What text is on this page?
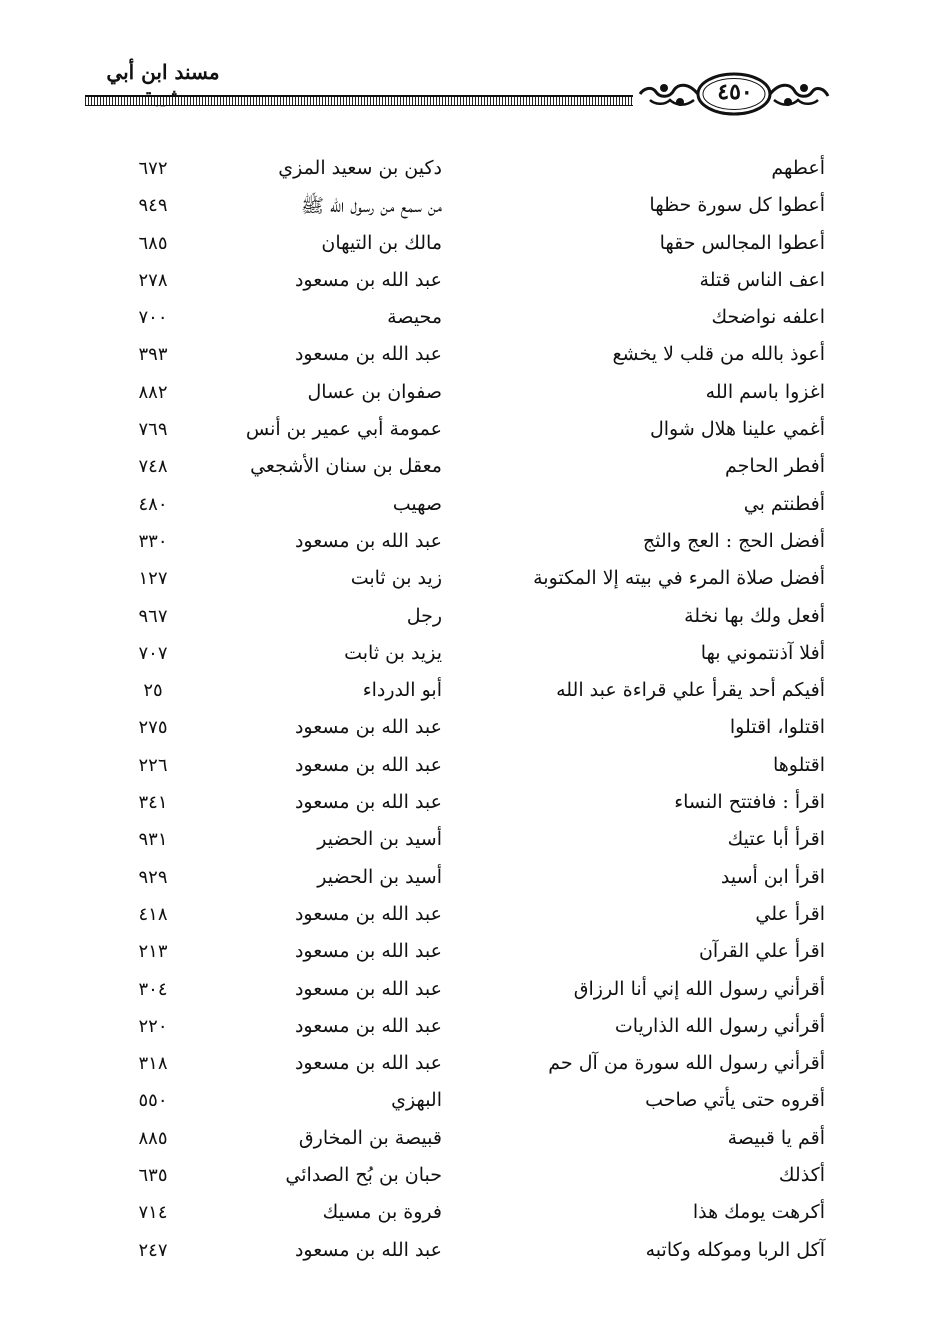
مسند ابن أبي
٤٥٠
أعطهم
دكين بن سعيد المزي
٦٧٢
أعطوا كل سورة حظها
من سمع من رسول الله ﷺ
٩٤٩
أعطوا المجالس حقها
مالك بن التيهان
٦٨٥
اعف الناس قتلة
عبد الله بن مسعود
٢٧٨
اعلفه نواضحك
محيصة
٧٠٠
أعوذ بالله من قلب لا يخشع
عبد الله بن مسعود
٣٩٣
اغزوا باسم الله
صفوان بن عسال
٨٨٢
أغمي علينا هلال شوال
عمومة أبي عمير بن أنس
٧٦٩
أفطر الحاجم
معقل بن سنان الأشجعي
٧٤٨
أفطنتم بي
صهيب
٤٨٠
أفضل الحج : العج والثج
عبد الله بن مسعود
٣٣٠
أفضل صلاة المرء في بيته إلا المكتوبة
زيد بن ثابت
١٢٧
أفعل ولك بها نخلة
رجل
٩٦٧
أفلا آذنتموني بها
يزيد بن ثابت
٧٠٧
أفيكم أحد يقرأ علي قراءة عبد الله
أبو الدرداء
٢٥
اقتلوا، اقتلوا
عبد الله بن مسعود
٢٧٥
اقتلوها
عبد الله بن مسعود
٢٢٦
اقرأ : فافتتح النساء
عبد الله بن مسعود
٣٤١
اقرأ أبا عتيك
أسيد بن الحضير
٩٣١
اقرأ ابن أسيد
أسيد بن الحضير
٩٢٩
اقرأ علي
عبد الله بن مسعود
٤١٨
اقرأ علي القرآن
عبد الله بن مسعود
٢١٣
أقرأني رسول الله إني أنا الرزاق
عبد الله بن مسعود
٣٠٤
أقرأني رسول الله الذاريات
عبد الله بن مسعود
٢٢٠
أقرأني رسول الله سورة من آل حم
عبد الله بن مسعود
٣١٨
أقروه حتى يأتي صاحب
البهزي
٥٥٠
أقم يا قبيصة
قبيصة بن المخارق
٨٨٥
أكذلك
حبان بن بُح الصدائي
٦٣٥
أكرهت يومك هذا
فروة بن مسيك
٧١٤
آكل الربا وموكله وكاتبه
عبد الله بن مسعود
٢٤٧
